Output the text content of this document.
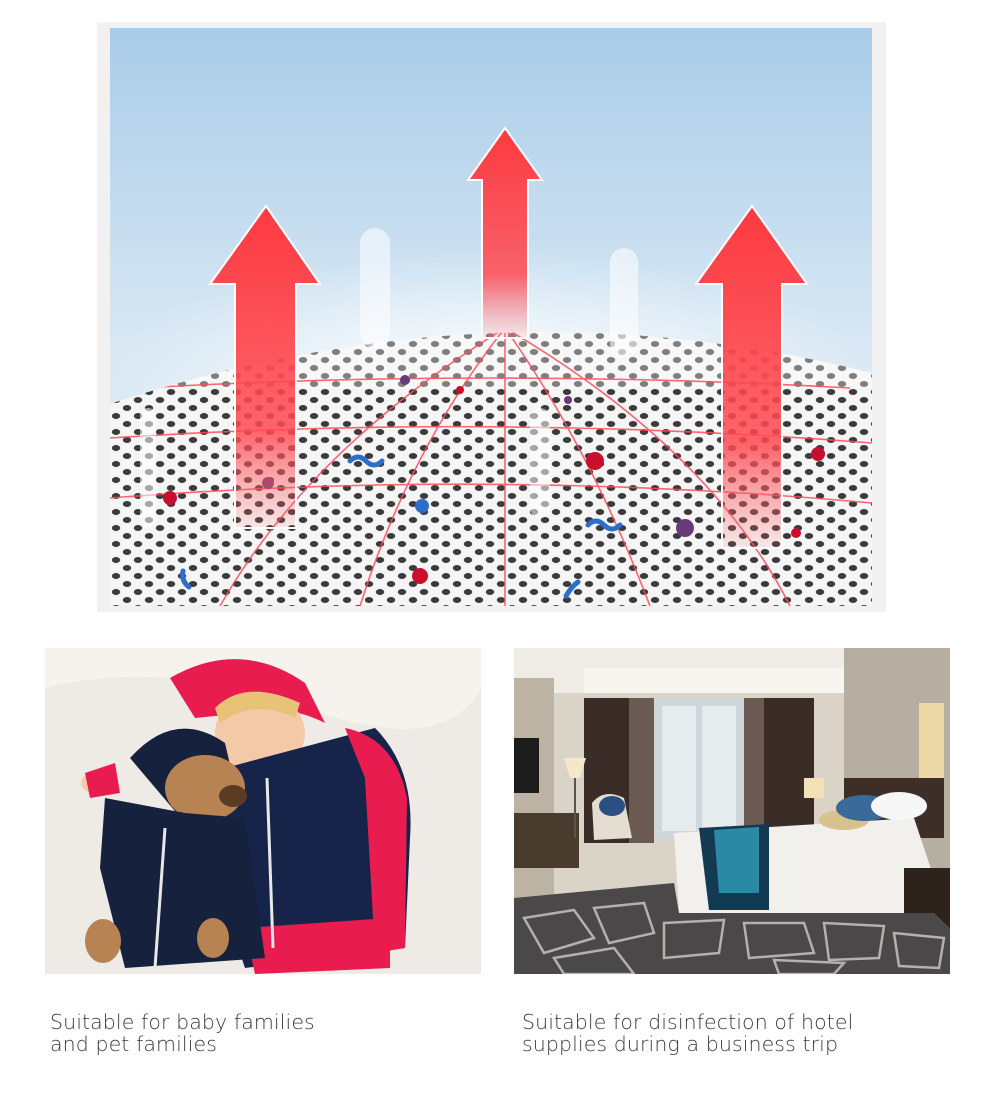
Suitable for baby families
and pet families
Suitable for disinfection of hotel
supplies during a business trip
